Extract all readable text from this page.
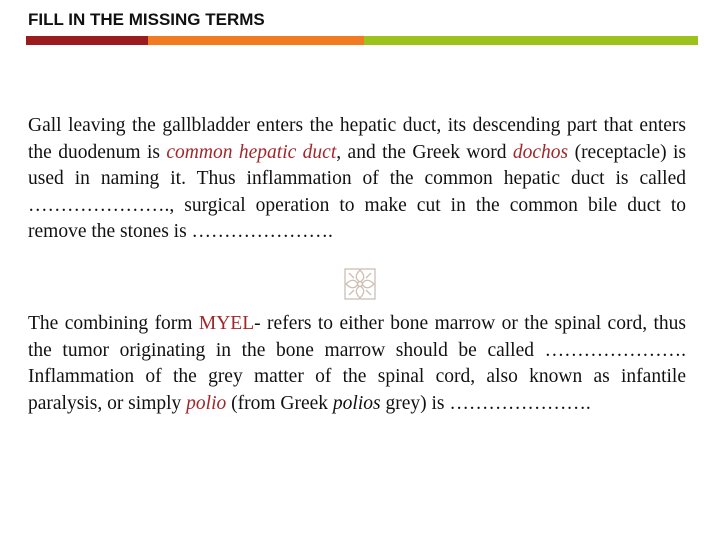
FILL IN THE MISSING TERMS

Gall leaving the gallbladder enters the hepatic duct, its descending part that enters the duodenum is common hepatic duct, and the Greek word dochos (receptacle) is used in naming it. Thus inflammation of the common hepatic duct is called …………………., surgical operation to make cut in the common bile duct to remove the stones is ………………….

The combining form MYEL- refers to either bone marrow or the spinal cord, thus the tumor originating in the bone marrow should be called …………………. Inflammation of the grey matter of the spinal cord, also known as infantile paralysis, or simply polio (from Greek polios grey) is ………………….
